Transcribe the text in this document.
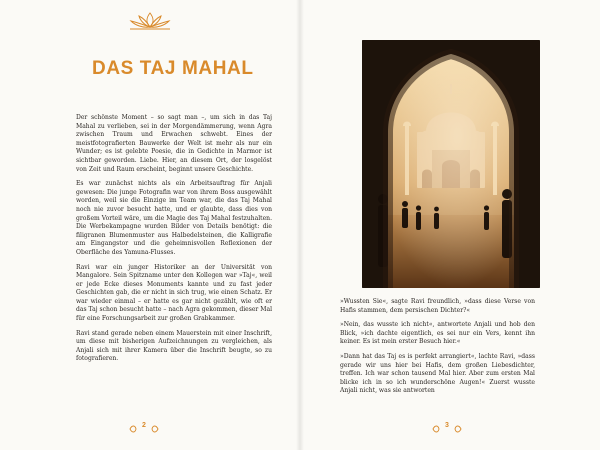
DAS TAJ MAHAL

Der schönste Moment – so sagt man –, um sich in das Taj Mahal zu verlieben, sei in der Morgendämmerung, wenn Agra zwischen Traum und Erwachen schwebt. Eines der meistfotografierten Bauwerke der Welt ist mehr als nur ein Wunder; es ist gelebte Poesie, die in Gedichte in Marmor ist sichtbar geworden. Liebe. Hier, an diesem Ort, der losgelöst von Zeit und Raum erscheint, beginnt unsere Geschichte.

Es war zunächst nichts als ein Arbeitsauftrag für Anjali gewesen: Die junge Fotografin war von ihrem Boss ausgewählt worden, weil sie die Einzige im Team war, die das Taj Mahal noch nie zuvor besucht hatte, und er glaubte, dass dies von großem Vorteil wäre, um die Magie des Taj Mahal festzuhalten. Die Werbekampagne wurden Bilder von Details benötigt: die filigranen Blumenmuster aus Halbedelsteinen, die Kalligrafie am Eingangstor und die geheimnisvollen Reflexionen der Oberfläche des Yamuna-Flusses.

Ravi war ein junger Historiker an der Universität von Mangalore. Sein Spitzname unter den Kollegen war »Taj«, weil er jede Ecke dieses Monuments kannte und zu fast jeder Geschichten gab, die er nicht in sich trug, wie einen Schatz. Er war wieder einmal – er hatte es gar nicht gezählt, wie oft er das Taj schon besucht hatte – nach Agra gekommen, dieser Mal für eine Forschungsarbeit zur großen Grabkammer.

Ravi stand gerade neben einem Mauerstein mit einer Inschrift, um diese mit bisherigen Aufzeichnungen zu vergleichen, als Anjali sich mit ihrer Kamera über die Inschrift beugte, so zu fotografieren.

2

»Wussten Sie«, sagte Ravi freundlich, »dass diese Verse von Hafis stammen, dem persischen Dichter?«

»Nein, das wusste ich nicht«, antwortete Anjali und hob den Blick, »ich dachte eigentlich, es sei nur ein Vers, kennt ihn keiner. Es ist mein erster Besuch hier.«

»Dann hat das Taj es is perfekt arrangiert«, lachte Ravi, »dass gerade wir uns hier bei Hafis, dem großen Liebesdichter, treffen. Ich war schon tausend Mal hier. Aber zum ersten Mal blicke ich in so ich wunderschöne Augen!« Zuerst wusste Anjali nicht, was sie antworten

3
